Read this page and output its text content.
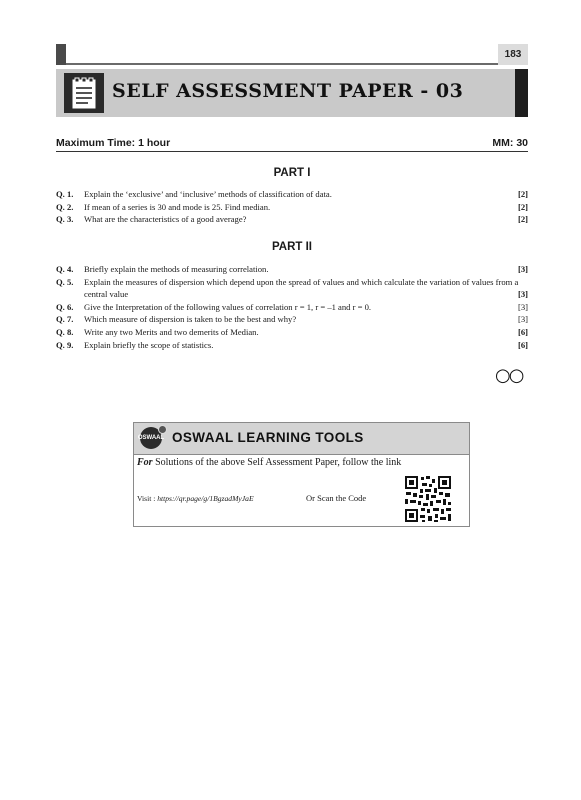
183
SELF ASSESSMENT PAPER - 03
Maximum Time: 1 hour	MM: 30
PART I
Q. 1. Explain the ‘exclusive’ and ‘inclusive’ methods of classification of data.	[2]
Q. 2. If mean of a series is 30 and mode is 25. Find median.	[2]
Q. 3. What are the characteristics of a good average?	[2]
PART II
Q. 4. Briefly explain the methods of measuring correlation.	[3]
Q. 5. Explain the measures of dispersion which depend upon the spread of values and which calculate the variation of values from a central value	[3]
Q. 6. Give the Interpretation of the following values of correlation r = 1, r = –1 and r = 0.	[3]
Q. 7. Which measure of dispersion is taken to be the best and why?	[3]
Q. 8. Write any two Merits and two demerits of Median.	[6]
Q. 9. Explain briefly the scope of statistics.	[6]
○○
OSWAAL OSWAAL LEARNING TOOLS
For Solutions of the above Self Assessment Paper, follow the link
Visit : https://qr.page/g/1BgzadMyJaE	Or Scan the Code
